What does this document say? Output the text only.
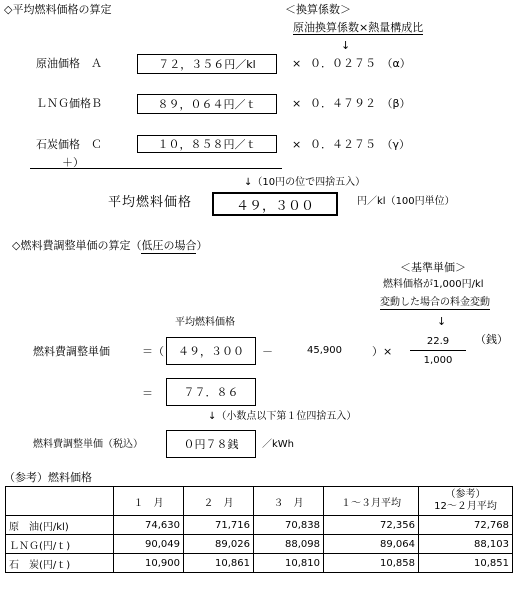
◇平均燃料価格の算定	＜換算係数＞
原油換算係数×熱量構成比
↓
原油価格　Ａ	７２，３５６円／kl	× ０．０２７５　（α）
ＬＮＧ価格Ｂ	８９，０６４円／ｔ	× ０．４７９２　（β）
石炭価格　Ｃ	１０，８５８円／ｔ	× ０．４２７５　（γ）
＋）
↓（10円の位で四捨五入）
平均燃料価格	４９，３００	円／kl（100円単位）
◇燃料費調整単価の算定（低圧の場合）
＜基準単価＞
燃料価格が1,000円/kl
変動した場合の料金変動
↓
平均燃料価格
燃料費調整単価	＝（ ４９，３００ －	45,900	）×
22.9
1,000
（銭）
＝	７７．８６
↓（小数点以下第１位四捨五入）
燃料費調整単価（税込）	０円７８銭 ／kWh
（参考）燃料価格
	１　月	２　月	３　月	１～３月平均	（参考）
12～２月平均

原　油(円/kl)	74,630	71,716	70,838	72,356	72,768
ＬＮＧ(円/ｔ)	90,049	89,026	88,098	89,064	88,103
石　炭(円/ｔ)	10,900	10,861	10,810	10,858	10,851
